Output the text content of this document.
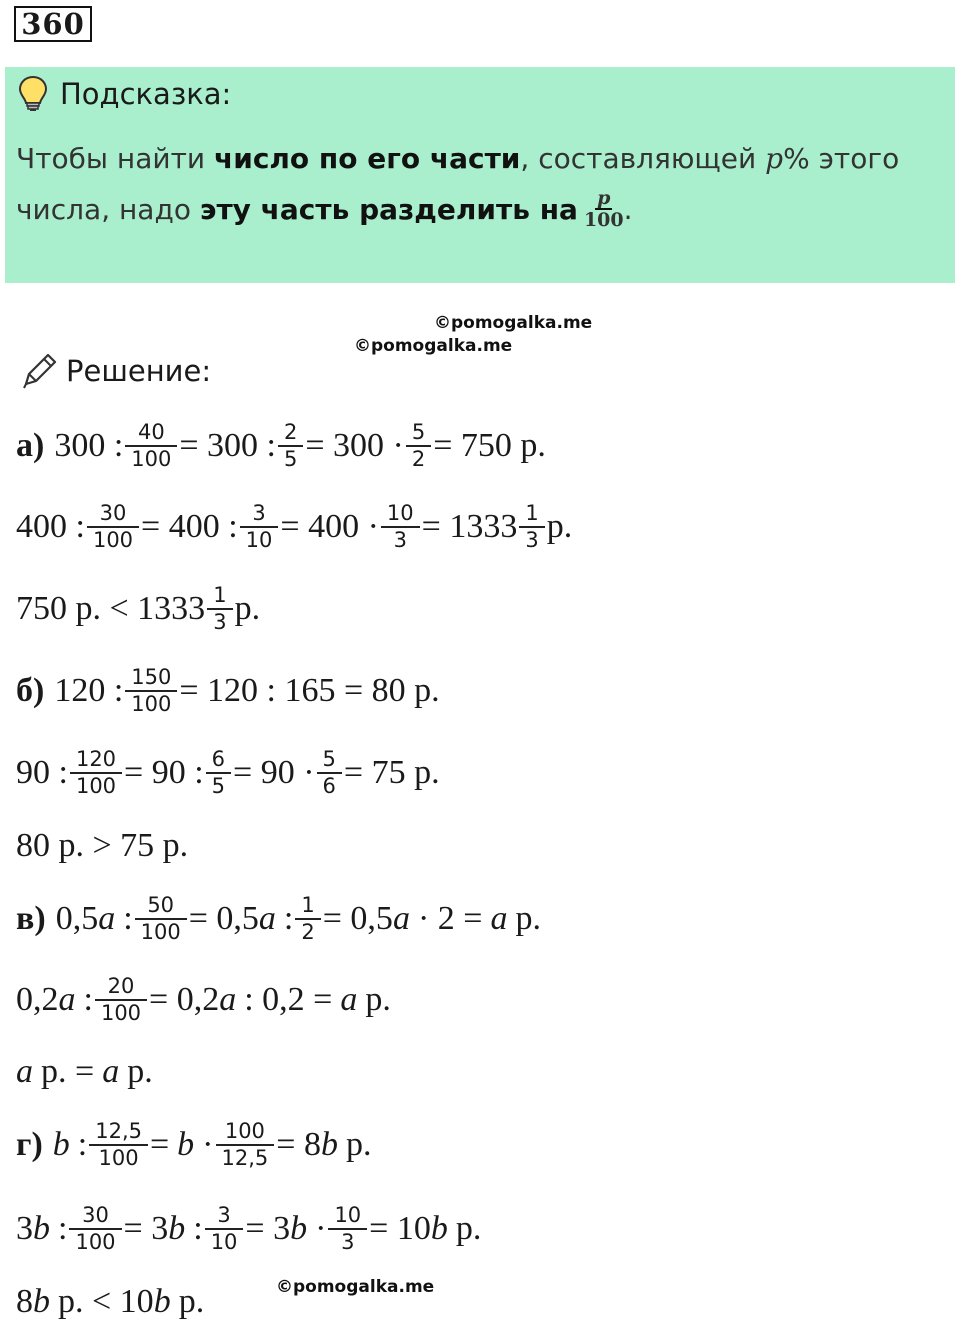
360
Подсказка:
Чтобы найти число по его части, составляющей p% этого
числа, надо эту часть разделить на $\frac{p}{100}$ .
©pomogalka.me
©pomogalka.me
Решение:
а) 300 : $\frac{40}{100} = 300$ : $\frac{2}{5} = 300 \cdot \frac{5}{2} = 750$ р.
400 : $\frac{30}{100} = 400$ : $\frac{3}{10} = 400 \cdot \frac{10}{3} = 1333 \frac{1}{3} р$.
750 р. < $1333 \frac{1}{3} р$.
б) 120 : $\frac{150}{100} = 120$ : 165 = 80 р.
90 : $\frac{120}{100} = 90$ : $\frac{6}{5} = 90 \cdot \frac{5}{6} = 75$ р.
80 р. > 75 р.
в) 0,5 a : $\frac{50}{100} = 0,5$ a : $\frac{1}{2} = 0,5$ a · 2 = a р.
0,2 a : $\frac{20}{100} = 0,2$ a : 0,2 = a р.
a р. = a р.
г) b : $\frac{12,5}{100} = b \cdot \frac{100}{12,5} = 8$ b р.
3 b : $\frac{30}{100} = 3$ b : $\frac{3}{10} = 3$ $b \cdot \frac{10}{3} = 10$ b р.
8 b р. < 10 b р.	©pomogalka.me
